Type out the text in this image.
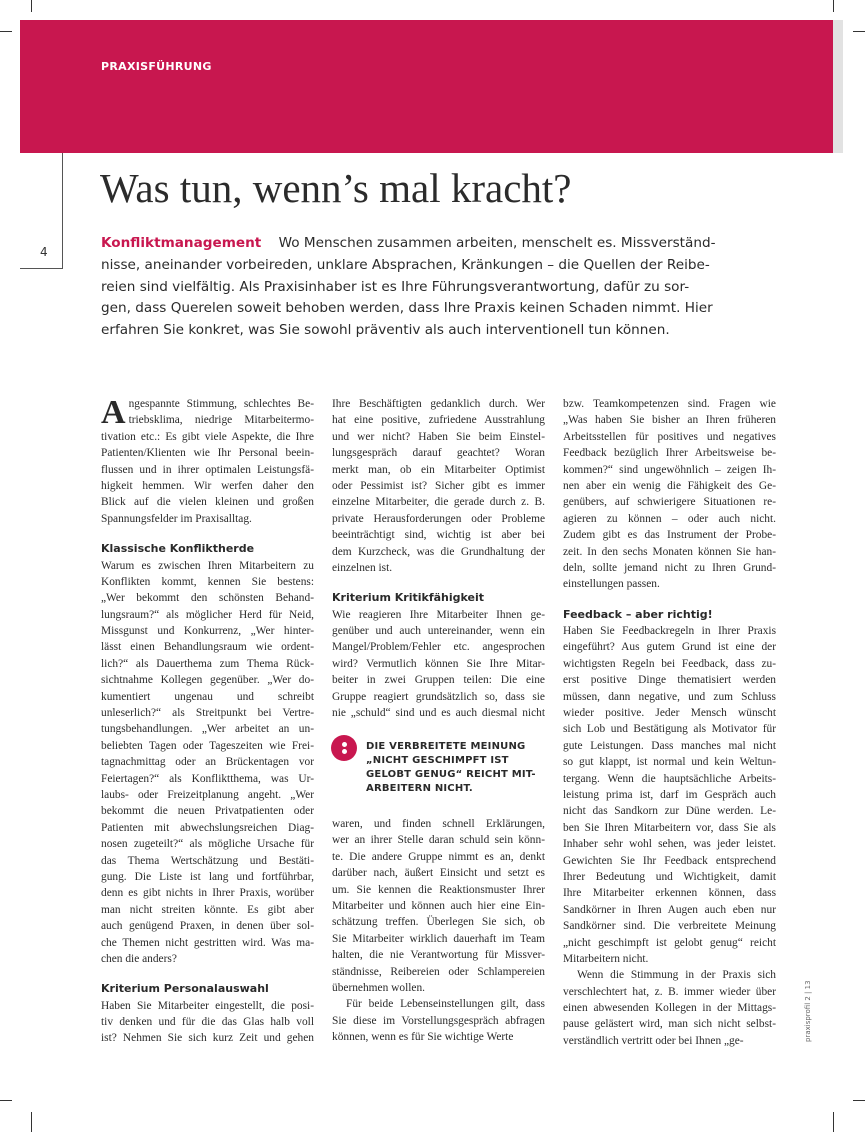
PRAXISFÜHRUNG
4
Was tun, wenn’s mal kracht?

Konfliktmanagement Wo Menschen zusammen arbeiten, menschelt es. Missverständ-

nisse, aneinander vorbeireden, unklare Absprachen, Kränkungen – die Quellen der Reibe-

reien sind vielfältig. Als Praxisinhaber ist es Ihre Führungsverantwortung, dafür zu sor-

gen, dass Querelen soweit behoben werden, dass Ihre Praxis keinen Schaden nimmt. Hier

erfahren Sie konkret, was Sie sowohl präventiv als auch interventionell tun können.

A ngespannte Stimmung, schlechtes Be-
triebsklima, niedrige Mitarbeitermo-
tivation etc.: Es gibt viele Aspekte, die Ihre
Patienten/Klienten wie Ihr Personal beein-
flussen und in ihrer optimalen Leistungsfä-
higkeit hemmen. Wir werfen daher den
Blick auf die vielen kleinen und großen
Spannungsfelder im Praxisalltag.
Klassische Konfliktherde
Warum es zwischen Ihren Mitarbeitern zu
Konflikten kommt, kennen Sie bestens:
„Wer bekommt den schönsten Behand-
lungsraum?“ als möglicher Herd für Neid,
Missgunst und Konkurrenz, „Wer hinter-
lässt einen Behandlungsraum wie ordent-
lich?“ als Dauerthema zum Thema Rück-
sichtnahme Kollegen gegenüber. „Wer do-
kumentiert ungenau und schreibt
unleserlich?“ als Streitpunkt bei Vertre-
tungsbehandlungen. „Wer arbeitet an un-
beliebten Tagen oder Tageszeiten wie Frei-
tagnachmittag oder an Brückentagen vor
Feiertagen?“ als Konfliktthema, was Ur-
laubs- oder Freizeitplanung angeht. „Wer
bekommt die neuen Privatpatienten oder
Patienten mit abwechslungsreichen Diag-
nosen zugeteilt?“ als mögliche Ursache für
das Thema Wertschätzung und Bestäti-
gung. Die Liste ist lang und fortführbar,
denn es gibt nichts in Ihrer Praxis, worüber
man nicht streiten könnte. Es gibt aber
auch genügend Praxen, in denen über sol-
che Themen nicht gestritten wird. Was ma-
chen die anders?
Kriterium Personalauswahl
Haben Sie Mitarbeiter eingestellt, die posi-
tiv denken und für die das Glas halb voll
ist? Nehmen Sie sich kurz Zeit und gehen
Ihre Beschäftigten gedanklich durch. Wer
hat eine positive, zufriedene Ausstrahlung
und wer nicht? Haben Sie beim Einstel-
lungsgespräch darauf geachtet? Woran
merkt man, ob ein Mitarbeiter Optimist
oder Pessimist ist? Sicher gibt es immer
einzelne Mitarbeiter, die gerade durch z. B.
private Herausforderungen oder Probleme
beeinträchtigt sind, wichtig ist aber bei
dem Kurzcheck, was die Grundhaltung der
einzelnen ist.
Kriterium Kritikfähigkeit
Wie reagieren Ihre Mitarbeiter Ihnen ge-
genüber und auch untereinander, wenn ein
Mangel/Problem/Fehler etc. angesprochen
wird? Vermutlich können Sie Ihre Mitar-
beiter in zwei Gruppen teilen: Die eine
Gruppe reagiert grundsätzlich so, dass sie
nie „schuld“ sind und es auch diesmal nicht
DIE VERBREITETE MEINUNG
„NICHT GESCHIMPFT IST
GELOBT GENUG“ REICHT MIT-
ARBEITERN NICHT.
waren, und finden schnell Erklärungen,
wer an ihrer Stelle daran schuld sein könn-
te. Die andere Gruppe nimmt es an, denkt
darüber nach, äußert Einsicht und setzt es
um. Sie kennen die Reaktionsmuster Ihrer
Mitarbeiter und können auch hier eine Ein-
schätzung treffen. Überlegen Sie sich, ob
Sie Mitarbeiter wirklich dauerhaft im Team
halten, die nie Verantwortung für Missver-
ständnisse, Reibereien oder Schlampereien
übernehmen wollen.
Für beide Lebenseinstellungen gilt, dass
Sie diese im Vorstellungsgespräch abfragen
können, wenn es für Sie wichtige Werte
bzw. Teamkompetenzen sind. Fragen wie
„Was haben Sie bisher an Ihren früheren
Arbeitsstellen für positives und negatives
Feedback bezüglich Ihrer Arbeitsweise be-
kommen?“ sind ungewöhnlich – zeigen Ih-
nen aber ein wenig die Fähigkeit des Ge-
genübers, auf schwierigere Situationen re-
agieren zu können – oder auch nicht.
Zudem gibt es das Instrument der Probe-
zeit. In den sechs Monaten können Sie han-
deln, sollte jemand nicht zu Ihren Grund-
einstellungen passen.
Feedback – aber richtig!
Haben Sie Feedbackregeln in Ihrer Praxis
eingeführt? Aus gutem Grund ist eine der
wichtigsten Regeln bei Feedback, dass zu-
erst positive Dinge thematisiert werden
müssen, dann negative, und zum Schluss
wieder positive. Jeder Mensch wünscht
sich Lob und Bestätigung als Motivator für
gute Leistungen. Dass manches mal nicht
so gut klappt, ist normal und kein Weltun-
tergang. Wenn die hauptsächliche Arbeits-
leistung prima ist, darf im Gespräch auch
nicht das Sandkorn zur Düne werden. Le-
ben Sie Ihren Mitarbeitern vor, dass Sie als
Inhaber sehr wohl sehen, was jeder leistet.
Gewichten Sie Ihr Feedback entsprechend
Ihrer Bedeutung und Wichtigkeit, damit
Ihre Mitarbeiter erkennen können, dass
Sandkörner in Ihren Augen auch eben nur
Sandkörner sind. Die verbreitete Meinung
„nicht geschimpft ist gelobt genug“ reicht
Mitarbeitern nicht.
Wenn die Stimmung in der Praxis sich
verschlechtert hat, z. B. immer wieder über
einen abwesenden Kollegen in der Mittags-
pause gelästert wird, man sich nicht selbst-
verständlich vertritt oder bei Ihnen „ge-	praxisprofil 2 | 13
